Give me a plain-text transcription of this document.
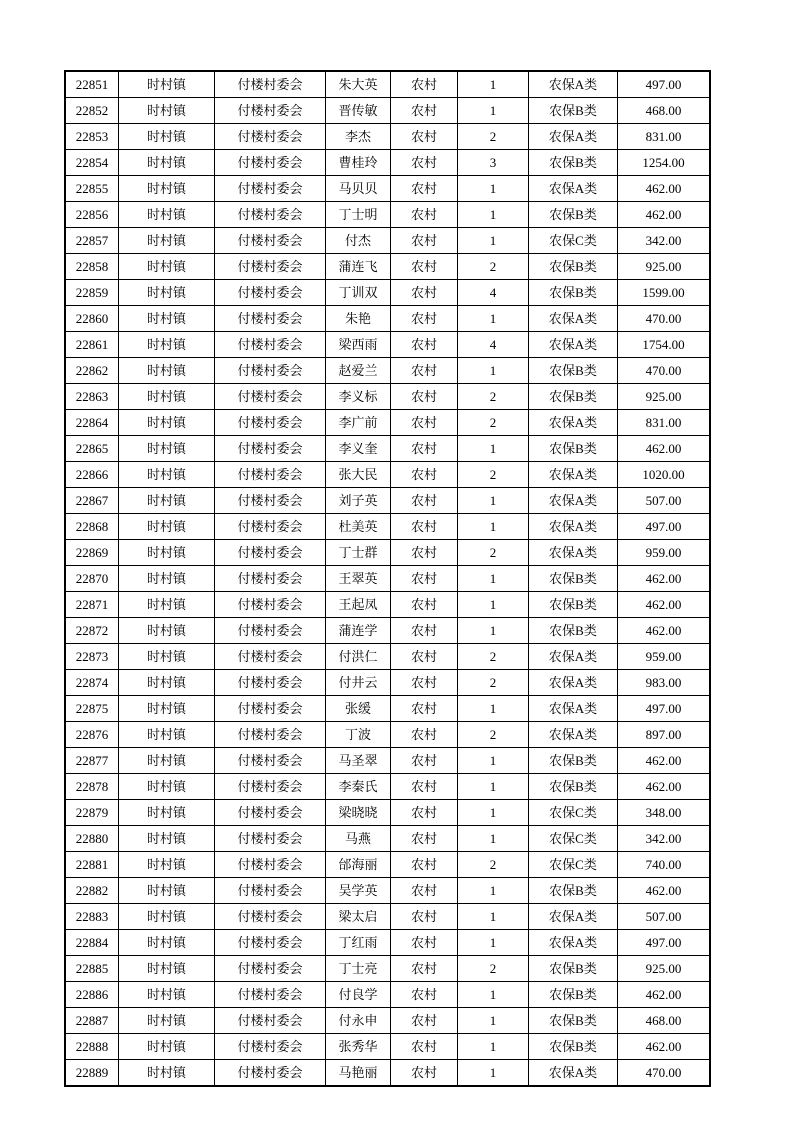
22851	时村镇	付楼村委会	朱大英	农村	1	农保A类	497.00
22852	时村镇	付楼村委会	晋传敏	农村	1	农保B类	468.00
22853	时村镇	付楼村委会	李杰	农村	2	农保A类	831.00
22854	时村镇	付楼村委会	曹桂玲	农村	3	农保B类	1254.00
22855	时村镇	付楼村委会	马贝贝	农村	1	农保A类	462.00
22856	时村镇	付楼村委会	丁士明	农村	1	农保B类	462.00
22857	时村镇	付楼村委会	付杰	农村	1	农保C类	342.00
22858	时村镇	付楼村委会	蒲连飞	农村	2	农保B类	925.00
22859	时村镇	付楼村委会	丁训双	农村	4	农保B类	1599.00
22860	时村镇	付楼村委会	朱艳	农村	1	农保A类	470.00
22861	时村镇	付楼村委会	梁西雨	农村	4	农保A类	1754.00
22862	时村镇	付楼村委会	赵爱兰	农村	1	农保B类	470.00
22863	时村镇	付楼村委会	李义标	农村	2	农保B类	925.00
22864	时村镇	付楼村委会	李广前	农村	2	农保A类	831.00
22865	时村镇	付楼村委会	李义奎	农村	1	农保B类	462.00
22866	时村镇	付楼村委会	张大民	农村	2	农保A类	1020.00
22867	时村镇	付楼村委会	刘子英	农村	1	农保A类	507.00
22868	时村镇	付楼村委会	杜美英	农村	1	农保A类	497.00
22869	时村镇	付楼村委会	丁士群	农村	2	农保A类	959.00
22870	时村镇	付楼村委会	王翠英	农村	1	农保B类	462.00
22871	时村镇	付楼村委会	王起凤	农村	1	农保B类	462.00
22872	时村镇	付楼村委会	蒲连学	农村	1	农保B类	462.00
22873	时村镇	付楼村委会	付洪仁	农村	2	农保A类	959.00
22874	时村镇	付楼村委会	付井云	农村	2	农保A类	983.00
22875	时村镇	付楼村委会	张缓	农村	1	农保A类	497.00
22876	时村镇	付楼村委会	丁波	农村	2	农保A类	897.00
22877	时村镇	付楼村委会	马圣翠	农村	1	农保B类	462.00
22878	时村镇	付楼村委会	李秦氏	农村	1	农保B类	462.00
22879	时村镇	付楼村委会	梁晓晓	农村	1	农保C类	348.00
22880	时村镇	付楼村委会	马燕	农村	1	农保C类	342.00
22881	时村镇	付楼村委会	邰海丽	农村	2	农保C类	740.00
22882	时村镇	付楼村委会	吴学英	农村	1	农保B类	462.00
22883	时村镇	付楼村委会	梁太启	农村	1	农保A类	507.00
22884	时村镇	付楼村委会	丁红雨	农村	1	农保A类	497.00
22885	时村镇	付楼村委会	丁士亮	农村	2	农保B类	925.00
22886	时村镇	付楼村委会	付良学	农村	1	农保B类	462.00
22887	时村镇	付楼村委会	付永申	农村	1	农保B类	468.00
22888	时村镇	付楼村委会	张秀华	农村	1	农保B类	462.00
22889	时村镇	付楼村委会	马艳丽	农村	1	农保A类	470.00
